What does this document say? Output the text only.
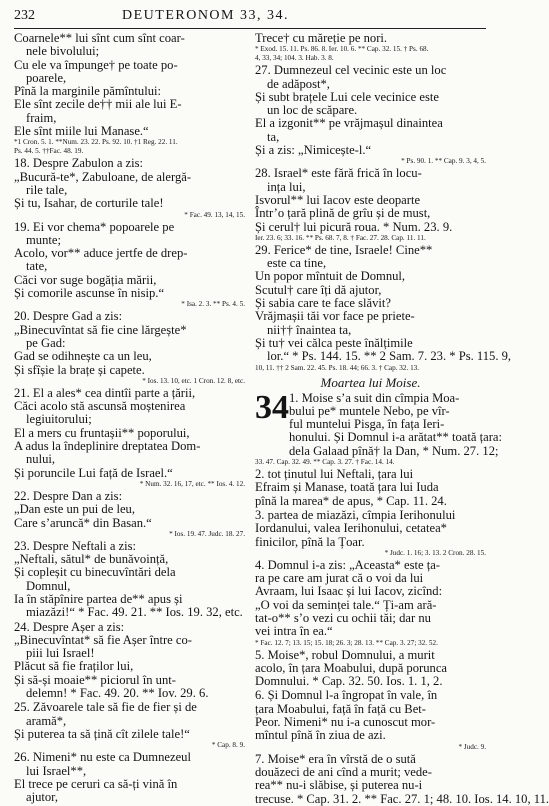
232	DEUTERONOM 33, 34.
Coarnele** lui sînt cum sînt coar-
nele bivolului;
Cu ele va împunge† pe toate po-
poarele,
Pînă la marginile pămîntului:
Ele sînt zecile de†† mii ale lui E-
fraim,
Ele sînt miile lui Manase.“
*1 Cron. 5. 1. **Num. 23. 22. Ps. 92. 10. †1 Reg. 22. 11.
Ps. 44. 5. ††Fac. 48. 19.
18. Despre Zabulon a zis:
„Bucură-te*, Zabuloane, de alergă-
rile tale,
Și tu, Isahar, de corturile tale!
* Fac. 49. 13, 14, 15.
19. Ei vor chema* popoarele pe
munte;
Acolo, vor** aduce jertfe de drep-
tate,
Căci vor suge bogăția mării,
Și comorile ascunse în nisip.“
* Isa. 2. 3. ** Ps. 4. 5.
20. Despre Gad a zis:
„Binecuvîntat să fie cine lărgește*
pe Gad:
Gad se odihnește ca un leu,
Și sfîșie la brațe și capete.
* Ios. 13. 10, etc. 1 Cron. 12. 8, etc.
21. El a ales* cea dintîi parte a țării,
Căci acolo stă ascunsă moștenirea
legiuitorului;
El a mers cu fruntașii** poporului,
A adus la îndeplinire dreptatea Dom-
nului,
Și poruncile Lui față de Israel.“
* Num. 32. 16, 17, etc. ** Ios. 4. 12.
22. Despre Dan a zis:
„Dan este un pui de leu,
Care s’aruncă* din Basan.“
* Ios. 19. 47. Judc. 18. 27.
23. Despre Neftali a zis:
„Neftali, sătul* de bunăvoință,
Și copleșit cu binecuvîntări dela
Domnul,
Ia în stăpînire partea de** apus și
miazăzi!“ * Fac. 49. 21. ** Ios. 19. 32, etc.
24. Despre Așer a zis:
„Binecuvîntat* să fie Așer între co-
piii lui Israel!
Plăcut să fie fraților lui,
Și să-și moaie** piciorul în unt-
delemn! * Fac. 49. 20. ** Iov. 29. 6.
25. Zăvoarele tale să fie de fier și de
aramă*,
Și puterea ta să țină cît zilele tale!“
* Cap. 8. 9.
26. Nimeni* nu este ca Dumnezeul
lui Israel**,
El trece pe ceruri ca să-ți vină în
ajutor,
Trece† cu măreție pe nori.
* Exod. 15. 11. Ps. 86. 8. Ier. 10. 6. ** Cap. 32. 15. † Ps. 68.
4, 33, 34; 104. 3. Hab. 3. 8.
27. Dumnezeul cel vecinic este un loc
de adăpost*,
Și subt brațele Lui cele vecinice este
un loc de scăpare.
El a izgonit** pe vrăjmașul dinaintea
ta,
Și a zis: „Nimicește-l.“
* Ps. 90. 1. ** Cap. 9. 3, 4, 5.
28. Israel* este fără frică în locu-
ința lui,
Isvorul** lui Iacov este deoparte
Într’o țară plină de grîu și de must,
Și cerul† lui picură roua. * Num. 23. 9.
Ier. 23. 6; 33. 16. ** Ps. 68. 7, 8. † Fac. 27. 28. Cap. 11. 11.
29. Ferice* de tine, Israele! Cine**
este ca tine,
Un popor mîntuit de Domnul,
Scutul† care îți dă ajutor,
Și sabia care te face slăvit?
Vrăjmașii tăi vor face pe priete-
nii†† înaintea ta,
Și tu† vei călca peste înălțimile
lor.“ * Ps. 144. 15. ** 2 Sam. 7. 23. * Ps. 115. 9,
10, 11. †† 2 Sam. 22. 45. Ps. 18. 44; 66. 3. † Cap. 32. 13.
Moartea lui Moise.
34 1. Moise s’a suit din cîmpia Moa-
bului pe* muntele Nebo, pe vîr-
ful muntelui Pisga, în fața Ieri-
honului. Și Domnul i-a arătat** toată țara:
dela Galaad pînă† la Dan, * Num. 27. 12;
33. 47. Cap. 32. 49. ** Cap. 3. 27. † Fac. 14. 14.
2. tot ținutul lui Neftali, țara lui
Efraim și Manase, toată țara lui Iuda
pînă la marea* de apus, * Cap. 11. 24.
3. partea de miazăzi, cîmpia Ierihonului
Iordanului, valea Ierihonului, cetatea*
finicilor, pînă la Țoar.
* Judc. 1. 16; 3. 13. 2 Cron. 28. 15.
4. Domnul i-a zis: „Aceasta* este ța-
ra pe care am jurat că o voi da lui
Avraam, lui Isaac și lui Iacov, zicînd:
„O voi da seminței tale.“ Ți-am ară-
tat-o** s’o vezi cu ochii tăi; dar nu
vei intra în ea.“
* Fac. 12. 7; 13. 15; 15. 18; 26. 3; 28. 13. ** Cap. 3. 27; 32. 52.
5. Moise*, robul Domnului, a murit
acolo, în țara Moabului, după porunca
Domnului. * Cap. 32. 50. Ios. 1. 1, 2.
6. Și Domnul l-a îngropat în vale, în
țara Moabului, față în față cu Bet-
Peor. Nimeni* nu i-a cunoscut mor-
mîntul pînă în ziua de azi.
* Judc. 9.
7. Moise* era în vîrstă de o sută
douăzeci de ani cînd a murit; vede-
rea** nu-i slăbise, și puterea nu-i
trecuse. * Cap. 31. 2. ** Fac. 27. 1; 48. 10. Ios. 14. 10, 11.
